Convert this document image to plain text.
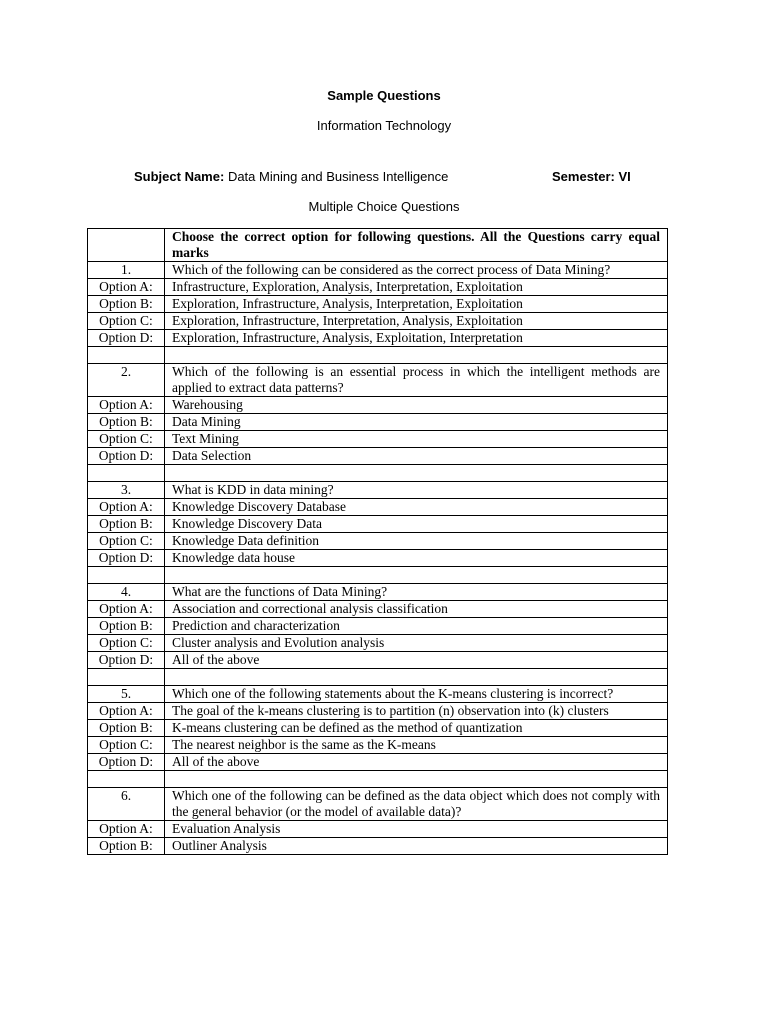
Sample Questions
Information Technology
Subject Name: Data Mining and Business Intelligence	Semester: VI
Multiple Choice Questions
	Choose the correct option for following questions. All the Questions carry equal marks
1.	Which of the following can be considered as the correct process of Data Mining?
Option A:	Infrastructure, Exploration, Analysis, Interpretation, Exploitation
Option B:	Exploration, Infrastructure, Analysis, Interpretation, Exploitation
Option C:	Exploration, Infrastructure, Interpretation, Analysis, Exploitation
Option D:	Exploration, Infrastructure, Analysis, Exploitation, Interpretation

2.	Which of the following is an essential process in which the intelligent methods are applied to extract data patterns?
Option A:	Warehousing
Option B:	Data Mining
Option C:	Text Mining
Option D:	Data Selection

3.	What is KDD in data mining?
Option A:	Knowledge Discovery Database
Option B:	Knowledge Discovery Data
Option C:	Knowledge Data definition
Option D:	Knowledge data house

4.	What are the functions of Data Mining?
Option A:	Association and correctional analysis classification
Option B:	Prediction and characterization
Option C:	Cluster analysis and Evolution analysis
Option D:	All of the above

5.	Which one of the following statements about the K-means clustering is incorrect?
Option A:	The goal of the k-means clustering is to partition (n) observation into (k) clusters
Option B:	K-means clustering can be defined as the method of quantization
Option C:	The nearest neighbor is the same as the K-means
Option D:	All of the above

6.	Which one of the following can be defined as the data object which does not comply with the general behavior (or the model of available data)?
Option A:	Evaluation Analysis
Option B:	Outliner Analysis
